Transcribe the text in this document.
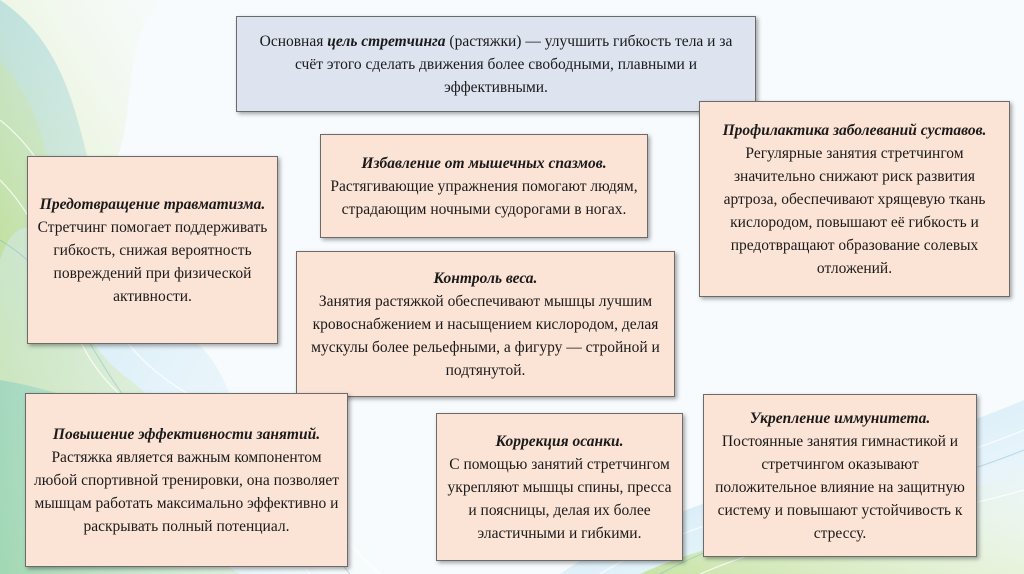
Основная цель стретчинга (растяжки) — улучшить гибкость тела и за счёт этого сделать движения более свободными, плавными и эффективными.
Избавление от мышечных спазмов.
Растягивающие упражнения помогают людям, страдающим ночными судорогами в ногах.
Профилактика заболеваний суставов. Регулярные занятия стретчингом значительно снижают риск развития артроза, обеспечивают хрящевую ткань кислородом, повышают её гибкость и предотвращают образование солевых отложений.
Предотвращение травматизма. Стретчинг помогает поддерживать гибкость, снижая вероятность повреждений при физической активности.
Контроль веса.
Занятия растяжкой обеспечивают мышцы лучшим кровоснабжением и насыщением кислородом, делая мускулы более рельефными, а фигуру — стройной и подтянутой.
Повышение эффективности занятий.
Растяжка является важным компонентом любой спортивной тренировки, она позволяет мышцам работать максимально эффективно и раскрывать полный потенциал.
Коррекция осанки.
С помощью занятий стретчингом укрепляют мышцы спины, пресса и поясницы, делая их более эластичными и гибкими.
Укрепление иммунитета.
Постоянные занятия гимнастикой и стретчингом оказывают положительное влияние на защитную систему и повышают устойчивость к стрессу.
